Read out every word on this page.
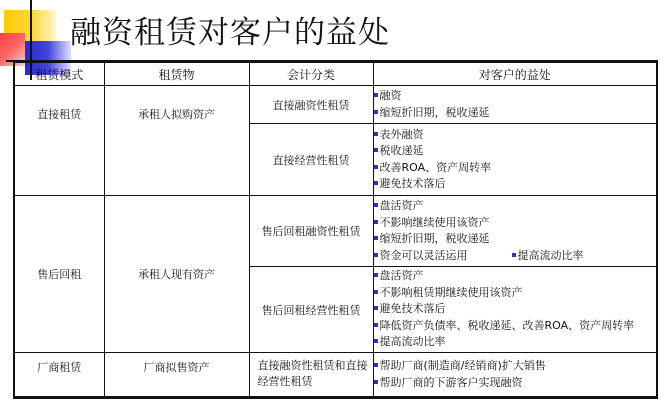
融资租赁对客户的益处
租赁模式	租赁物	会计分类	对客户的益处
直接租赁	承租人拟购资产	直接融资性租赁	融资
缩短折旧期，税收递延

		直接经营性租赁	表外融资
税收递延
改善ROA、资产周转率
避免技术落后

售后回租	承租人现有资产	售后回租融资性租赁	盘活资产
不影响继续使用该资产
缩短折旧期，税收递延
资金可以灵活运用 提高流动比率

		售后回租经营性租赁	盘活资产
不影响租赁期继续使用该资产
避免技术落后
降低资产负债率、税收递延、改善ROA、资产周转率
提高流动比率

厂商租赁	厂商拟售资产	直接融资性租赁和直接经营性租赁	帮助厂商(制造商/经销商)扩大销售
帮助厂商的下游客户实现融资
